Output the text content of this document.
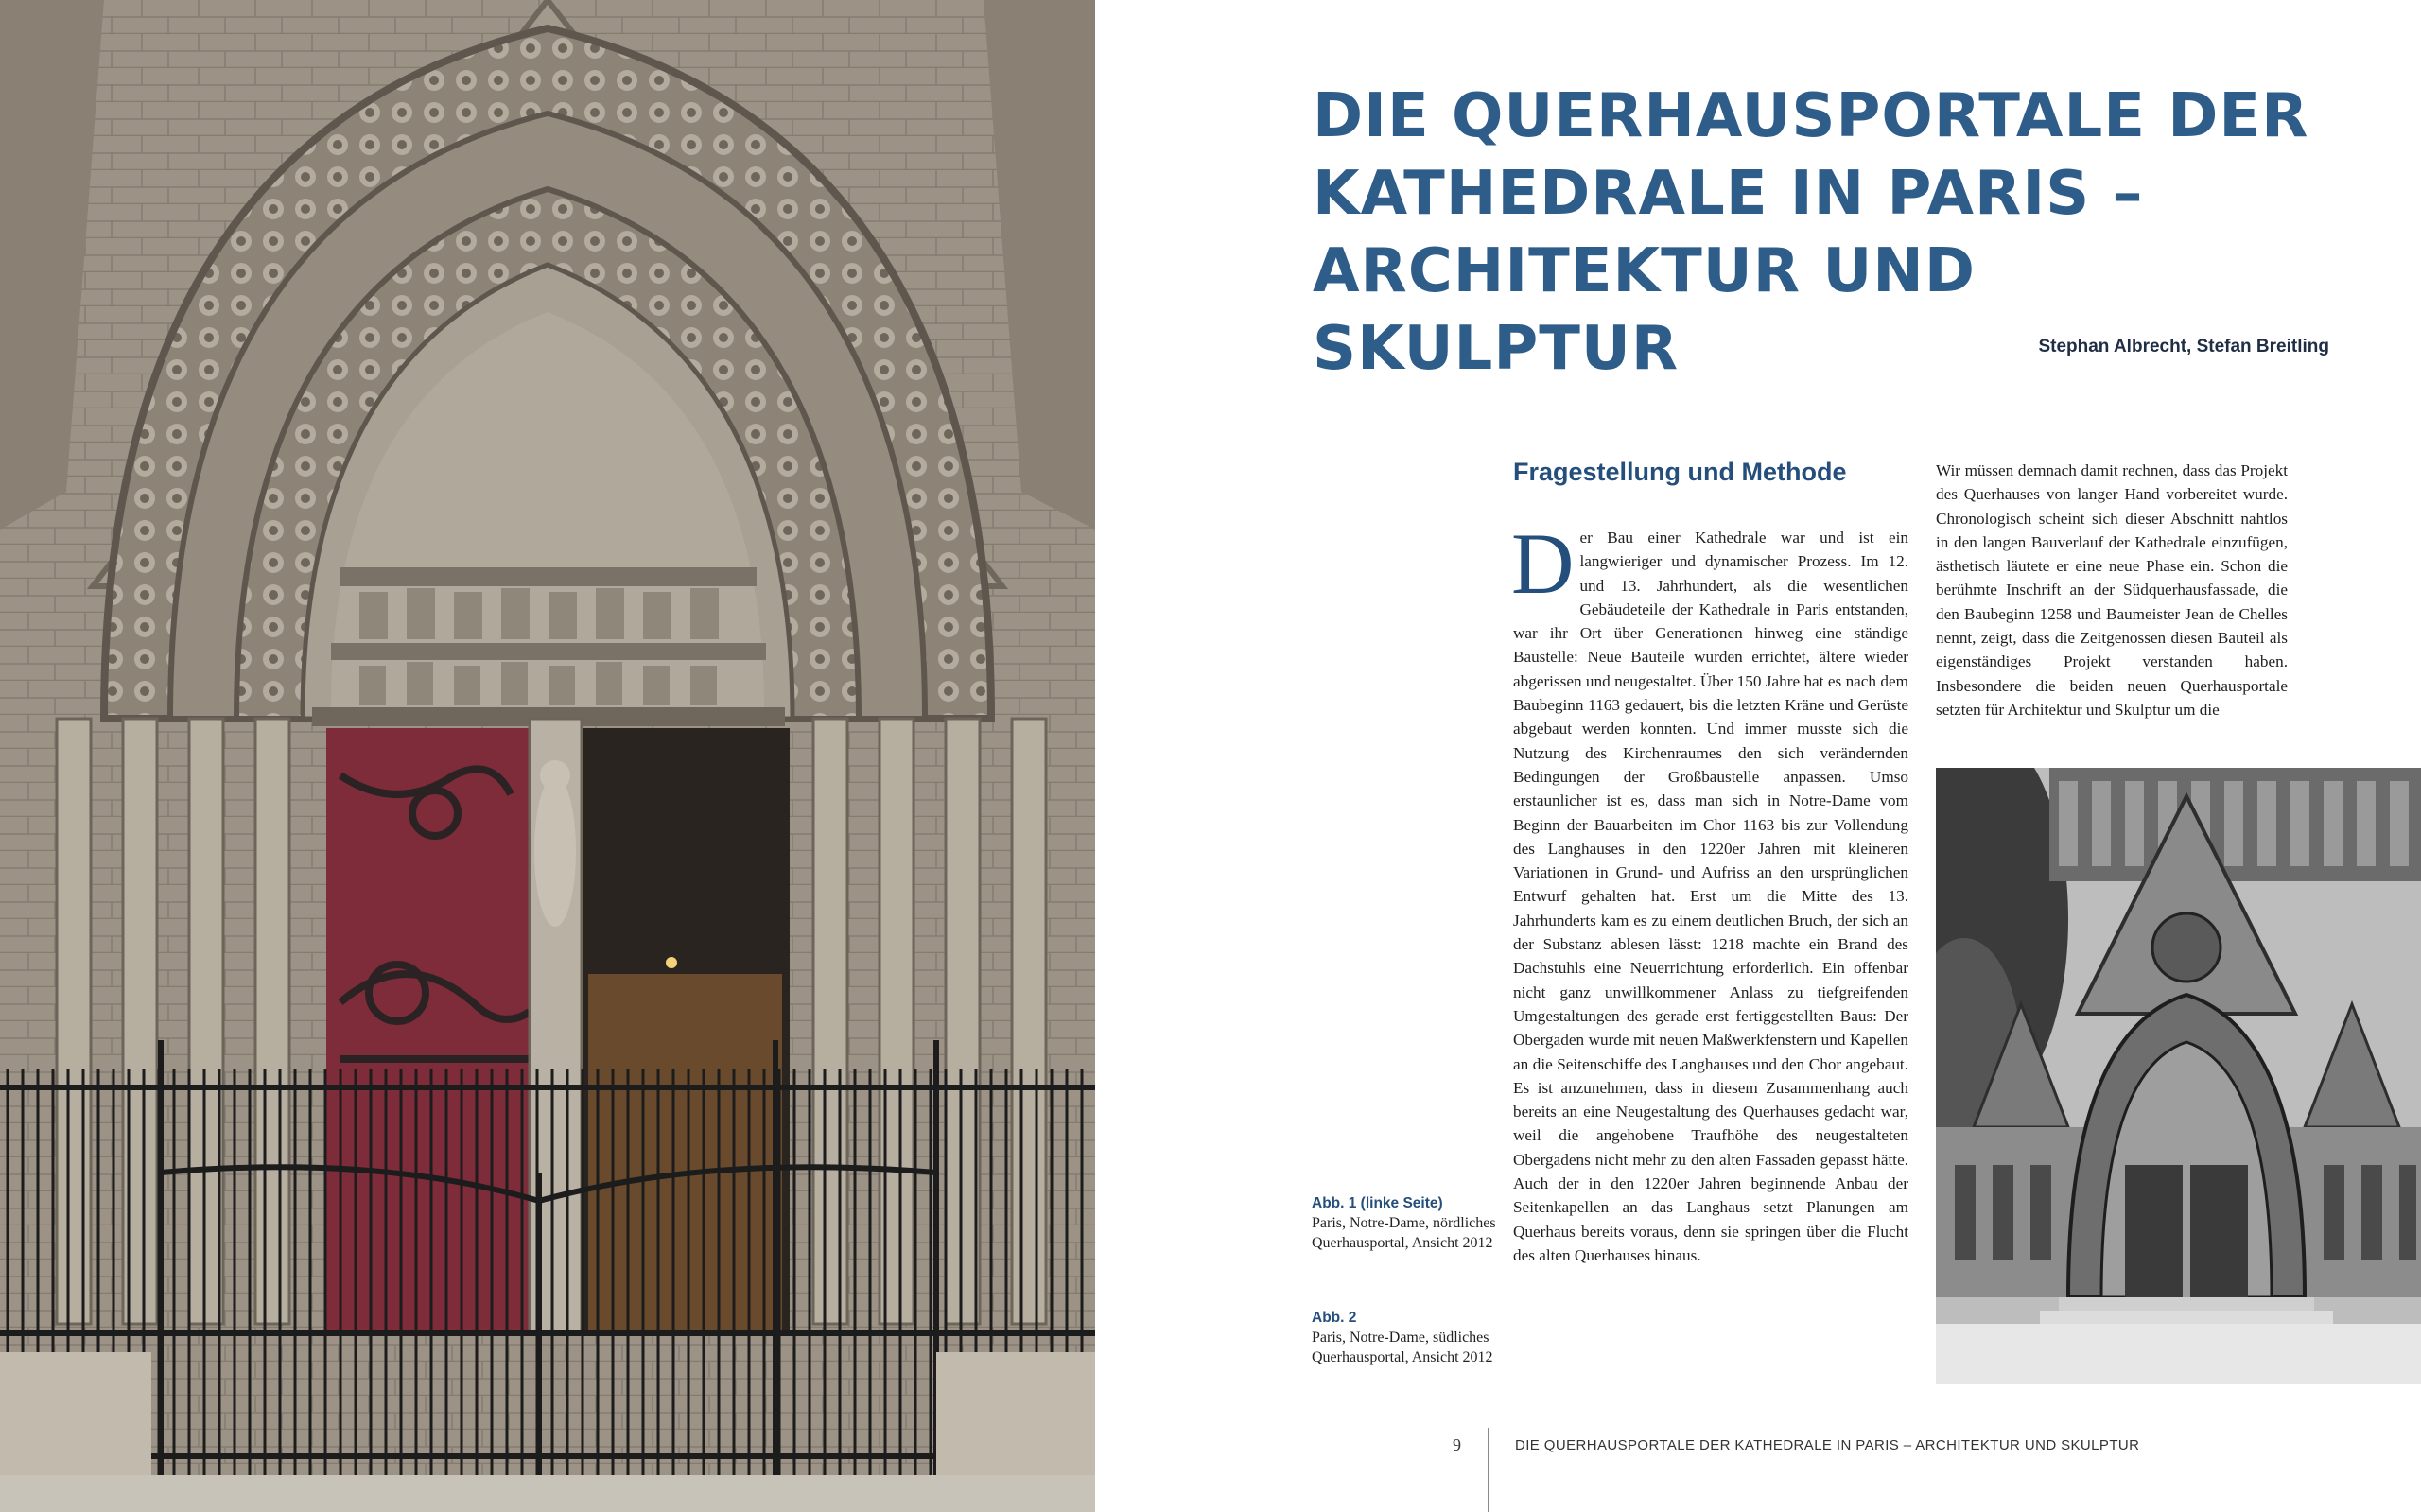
DIE QUERHAUSPORTALE DER
KATHEDRALE IN PARIS –
ARCHITEKTUR UND SKULPTUR	Stephan Albrecht, Stefan Breitling
Fragestellung und Methode
Der Bau einer Kathedrale war und ist ein langwieriger und dynamischer Prozess. Im 12. und 13. Jahrhundert, als die wesentlichen Gebäudeteile der Kathedrale in Paris entstanden, war ihr Ort über Generationen hinweg eine ständige Baustelle: Neue Bauteile wurden errichtet, ältere wieder abgerissen und neugestaltet. Über 150 Jahre hat es nach dem Baubeginn 1163 gedauert, bis die letzten Kräne und Gerüste abgebaut werden konnten. Und immer musste sich die Nutzung des Kirchenraumes den sich verändernden Bedingungen der Großbaustelle anpassen. Umso erstaunlicher ist es, dass man sich in Notre-Dame vom Beginn der Bauarbeiten im Chor 1163 bis zur Vollendung des Langhauses in den 1220er Jahren mit kleineren Variationen in Grund- und Aufriss an den ursprünglichen Entwurf gehalten hat. Erst um die Mitte des 13. Jahrhunderts kam es zu einem deutlichen Bruch, der sich an der Substanz ablesen lässt: 1218 machte ein Brand des Dachstuhls eine Neuerrichtung erforderlich. Ein offenbar nicht ganz unwillkommener Anlass zu tiefgreifenden Umgestaltungen des gerade erst fertiggestellten Baus: Der Obergaden wurde mit neuen Maßwerkfenstern und Kapellen an die Seitenschiffe des Langhauses und den Chor angebaut. Es ist anzunehmen, dass in diesem Zusammenhang auch bereits an eine Neugestaltung des Querhauses gedacht war, weil die angehobene Traufhöhe des neugestalteten Obergadens nicht mehr zu den alten Fassaden gepasst hätte. Auch der in den 1220er Jahren beginnende Anbau der Seitenkapellen an das Langhaus setzt Planungen am Querhaus bereits voraus, denn sie springen über die Flucht des alten Querhauses hinaus.
Wir müssen demnach damit rechnen, dass das Projekt des Querhauses von langer Hand vorbereitet wurde. Chronologisch scheint sich dieser Abschnitt nahtlos in den langen Bauverlauf der Kathedrale einzufügen, ästhetisch läutete er eine neue Phase ein. Schon die berühmte Inschrift an der Südquerhausfassade, die den Baubeginn 1258 und Baumeister Jean de Chelles nennt, zeigt, dass die Zeitgenossen diesen Bauteil als eigenständiges Projekt verstanden haben. Insbesondere die beiden neuen Querhausportale setzten für Architektur und Skulptur um die
Abb. 1 (linke Seite)
Paris, Notre-Dame, nördliches Querhausportal, Ansicht 2012
Abb. 2
Paris, Notre-Dame, südliches Querhausportal, Ansicht 2012
9	DIE QUERHAUSPORTALE DER KATHEDRALE IN PARIS – ARCHITEKTUR UND SKULPTUR
